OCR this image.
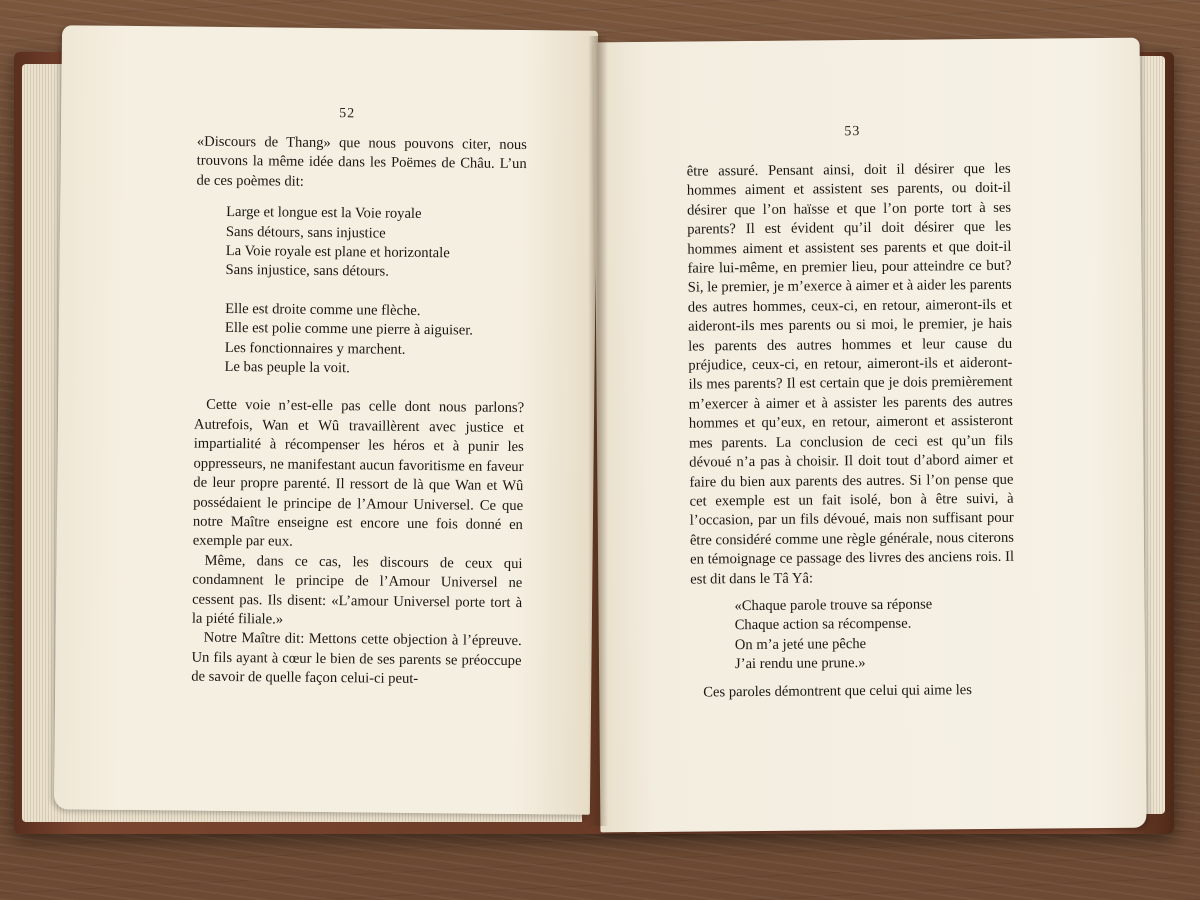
52

«Discours de Thang» que nous pouvons citer, nous trouvons la même idée dans les Poëmes de Châu. L’un de ces poèmes dit:

Large et longue est la Voie royale
Sans détours, sans injustice
La Voie royale est plane et horizontale
Sans injustice, sans détours.
Elle est droite comme une flèche.
Elle est polie comme une pierre à aiguiser.
Les fonctionnaires y marchent.
Le bas peuple la voit.

Cette voie n’est-elle pas celle dont nous parlons? Autrefois, Wan et Wû travaillèrent avec justice et impartialité à récompenser les héros et à punir les oppresseurs, ne manifestant aucun favoritisme en faveur de leur propre parenté. Il ressort de là que Wan et Wû possédaient le principe de l’Amour Universel. Ce que notre Maître enseigne est encore une fois donné en exemple par eux.

Même, dans ce cas, les discours de ceux qui condamnent le principe de l’Amour Universel ne cessent pas. Ils disent: «L’amour Universel porte tort à la piété filiale.»

Notre Maître dit: Mettons cette objection à l’épreuve. Un fils ayant à cœur le bien de ses parents se préoccupe de savoir de quelle façon celui-ci peut-

53

être assuré. Pensant ainsi, doit il désirer que les hommes aiment et assistent ses parents, ou doit-il désirer que l’on haïsse et que l’on porte tort à ses parents? Il est évident qu’il doit désirer que les hommes aiment et assistent ses parents et que doit-il faire lui-même, en premier lieu, pour atteindre ce but? Si, le premier, je m’exerce à aimer et à aider les parents des autres hommes, ceux-ci, en retour, aimeront-ils et aideront-ils mes parents ou si moi, le premier, je hais les parents des autres hommes et leur cause du préjudice, ceux-ci, en retour, aimeront-ils et aideront-ils mes parents? Il est certain que je dois premièrement m’exercer à aimer et à assister les parents des autres hommes et qu’eux, en retour, aimeront et assisteront mes parents. La conclusion de ceci est qu’un fils dévoué n’a pas à choisir. Il doit tout d’abord aimer et faire du bien aux parents des autres. Si l’on pense que cet exemple est un fait isolé, bon à être suivi, à l’occasion, par un fils dévoué, mais non suffisant pour être considéré comme une règle générale, nous citerons en témoignage ce passage des livres des anciens rois. Il est dit dans le Tâ Yâ:

«Chaque parole trouve sa réponse
Chaque action sa récompense.
On m’a jeté une pêche
J’ai rendu une prune.»

Ces paroles démontrent que celui qui aime les
